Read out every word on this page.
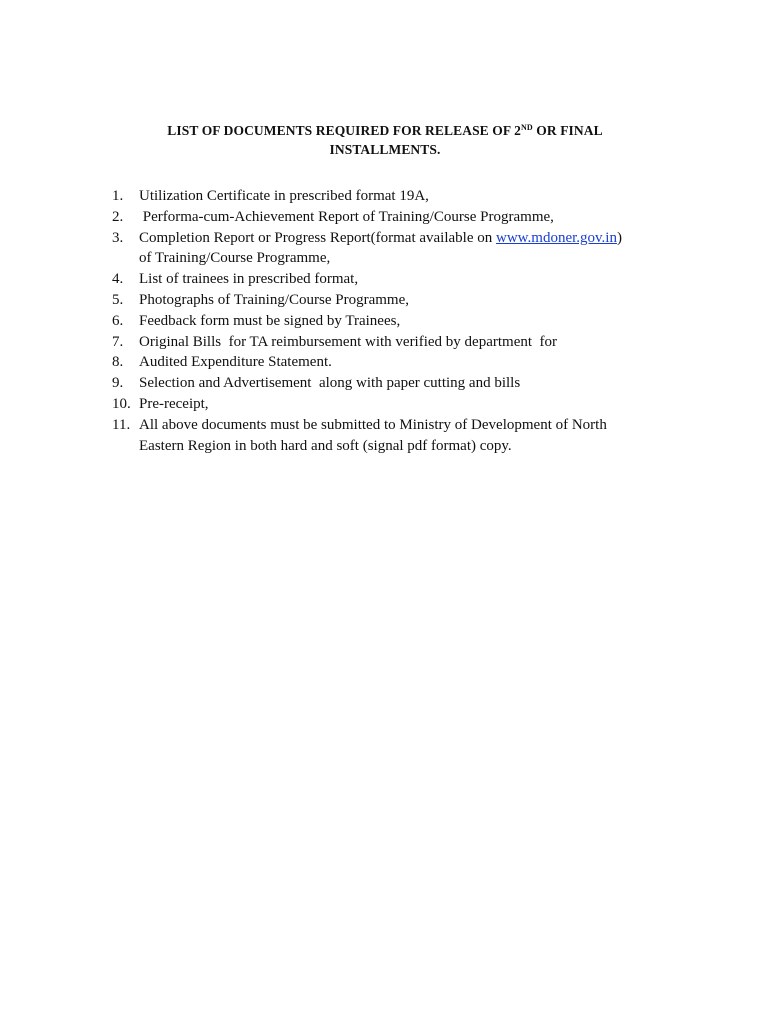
LIST OF DOCUMENTS REQUIRED FOR RELEASE OF 2ND OR FINAL
INSTALLMENTS.
1. Utilization Certificate in prescribed format 19A,
2. Performa-cum-Achievement Report of Training/Course Programme,
3. Completion Report or Progress Report(format available on www.mdoner.gov.in)
of Training/Course Programme,
4. List of trainees in prescribed format,
5. Photographs of Training/Course Programme,
6. Feedback form must be signed by Trainees,
7. Original Bills  for TA reimbursement with verified by department  for
8. Audited Expenditure Statement.
9. Selection and Advertisement  along with paper cutting and bills
10. Pre-receipt,
11. All above documents must be submitted to Ministry of Development of North
Eastern Region in both hard and soft (signal pdf format) copy.
